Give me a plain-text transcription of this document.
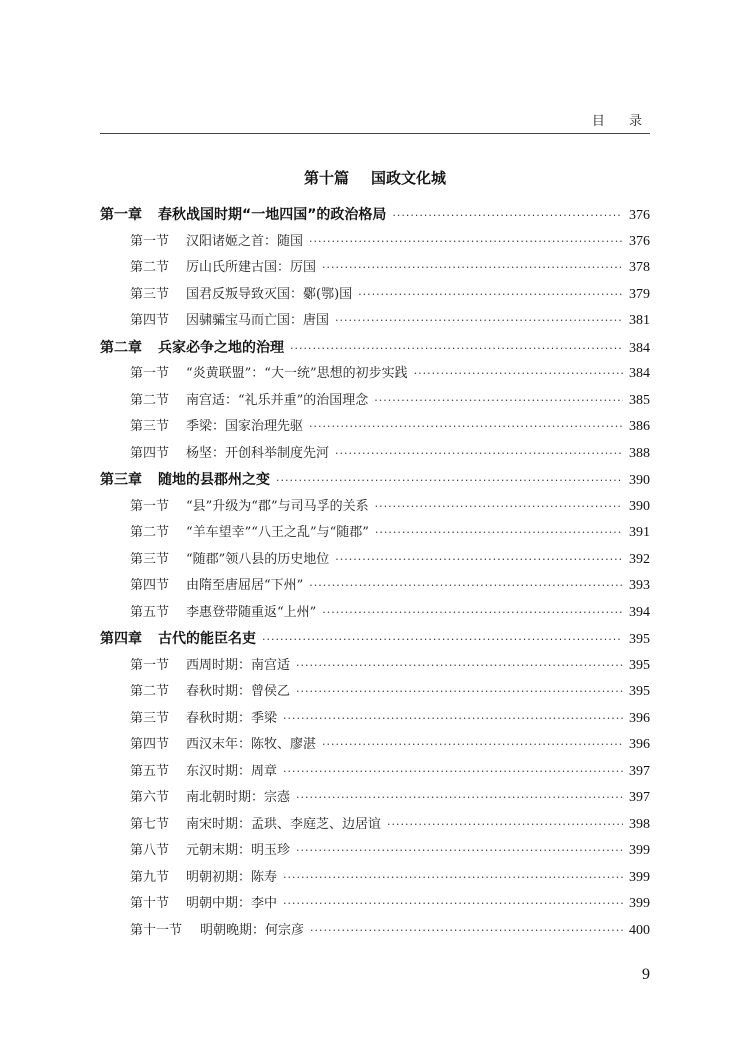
目 录
第十篇 国政文化城
第一章	春秋战国时期“一地四国”的政治格局 ·····	376
第一节	汉阳诸姬之首：随国 ·····	376
第二节	厉山氏所建古国：厉国 ·····	378
第三节	国君反叛导致灭国：鄾(鄂)国 ·····	379
第四节	因骕骦宝马而亡国：唐国 ·····	381
第二章	兵家必争之地的治理 ·····	384
第一节	“炎黄联盟”：“大一统”思想的初步实践 ·····	384
第二节	南宫适：“礼乐并重”的治国理念 ·····	385
第三节	季梁：国家治理先驱 ·····	386
第四节	杨坚：开创科举制度先河 ·····	388
第三章	随地的县郡州之变 ·····	390
第一节	“县”升级为“郡”与司马孚的关系 ·····	390
第二节	“羊车望幸”“八王之乱”与“随郡” ·····	391
第三节	“随郡”领八县的历史地位 ·····	392
第四节	由隋至唐屈居“下州” ·····	393
第五节	李惠登带随重返“上州” ·····	394
第四章	古代的能臣名吏 ·····	395
第一节	西周时期：南宫适 ·····	395
第二节	春秋时期：曾侯乙 ·····	395
第三节	春秋时期：季梁 ·····	396
第四节	西汉末年：陈牧、廖湛 ·····	396
第五节	东汉时期：周章 ·····	397
第六节	南北朝时期：宗悫 ·····	397
第七节	南宋时期：孟珙、李庭芝、边居谊 ·····	398
第八节	元朝末期：明玉珍 ·····	399
第九节	明朝初期：陈寿 ·····	399
第十节	明朝中期：李中 ·····	399
第十一节	明朝晚期：何宗彦 ·····	400
9
